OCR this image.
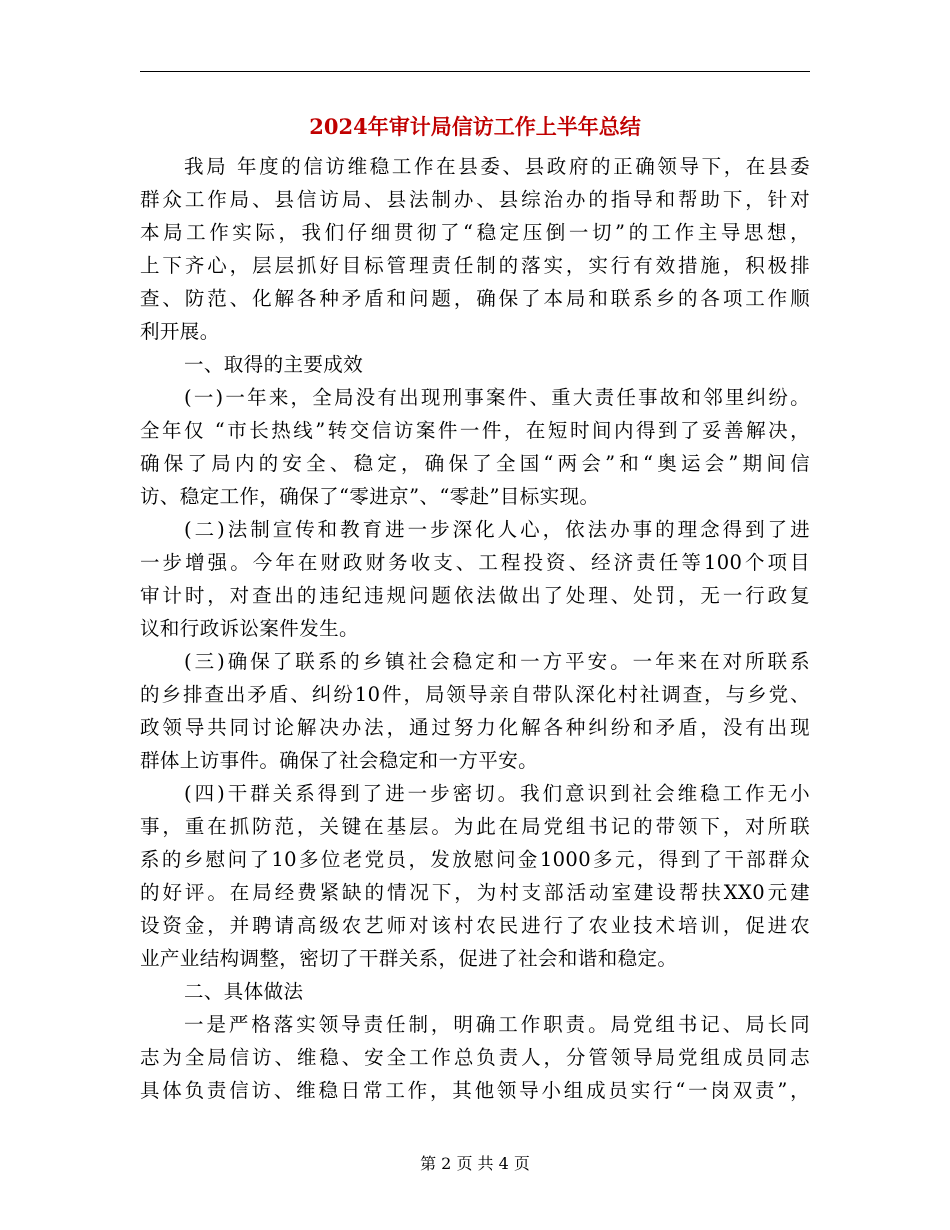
2024年审计局信访工作上半年总结
我局 年度的信访维稳工作在县委、县政府的正确领导下，在县委
群众工作局、县信访局、县法制办、县综治办的指导和帮助下，针对
本局工作实际，我们仔细贯彻了“稳定压倒一切”的工作主导思想，
上下齐心，层层抓好目标管理责任制的落实，实行有效措施，积极排
查、防范、化解各种矛盾和问题，确保了本局和联系乡的各项工作顺
利开展。
一、取得的主要成效
(一)一年来，全局没有出现刑事案件、重大责任事故和邻里纠纷。
全年仅 “市长热线”转交信访案件一件，在短时间内得到了妥善解决，
确保了局内的安全、稳定，确保了全国“两会”和“奥运会”期间信
访、稳定工作，确保了“零进京”、“零赴”目标实现。
(二)法制宣传和教育进一步深化人心，依法办事的理念得到了进
一步增强。今年在财政财务收支、工程投资、经济责任等100个项目
审计时，对查出的违纪违规问题依法做出了处理、处罚，无一行政复
议和行政诉讼案件发生。
(三)确保了联系的乡镇社会稳定和一方平安。一年来在对所联系
的乡排查出矛盾、纠纷10件，局领导亲自带队深化村社调查，与乡党、
政领导共同讨论解决办法，通过努力化解各种纠纷和矛盾，没有出现
群体上访事件。确保了社会稳定和一方平安。
(四)干群关系得到了进一步密切。我们意识到社会维稳工作无小
事，重在抓防范，关键在基层。为此在局党组书记的带领下，对所联
系的乡慰问了10多位老党员，发放慰问金1000多元，得到了干部群众
的好评。在局经费紧缺的情况下，为村支部活动室建设帮扶XX0元建
设资金，并聘请高级农艺师对该村农民进行了农业技术培训，促进农
业产业结构调整，密切了干群关系，促进了社会和谐和稳定。
二、具体做法
一是严格落实领导责任制，明确工作职责。局党组书记、局长同
志为全局信访、维稳、安全工作总负责人，分管领导局党组成员同志
具体负责信访、维稳日常工作，其他领导小组成员实行“一岗双责”，
第 2 页 共 4 页
